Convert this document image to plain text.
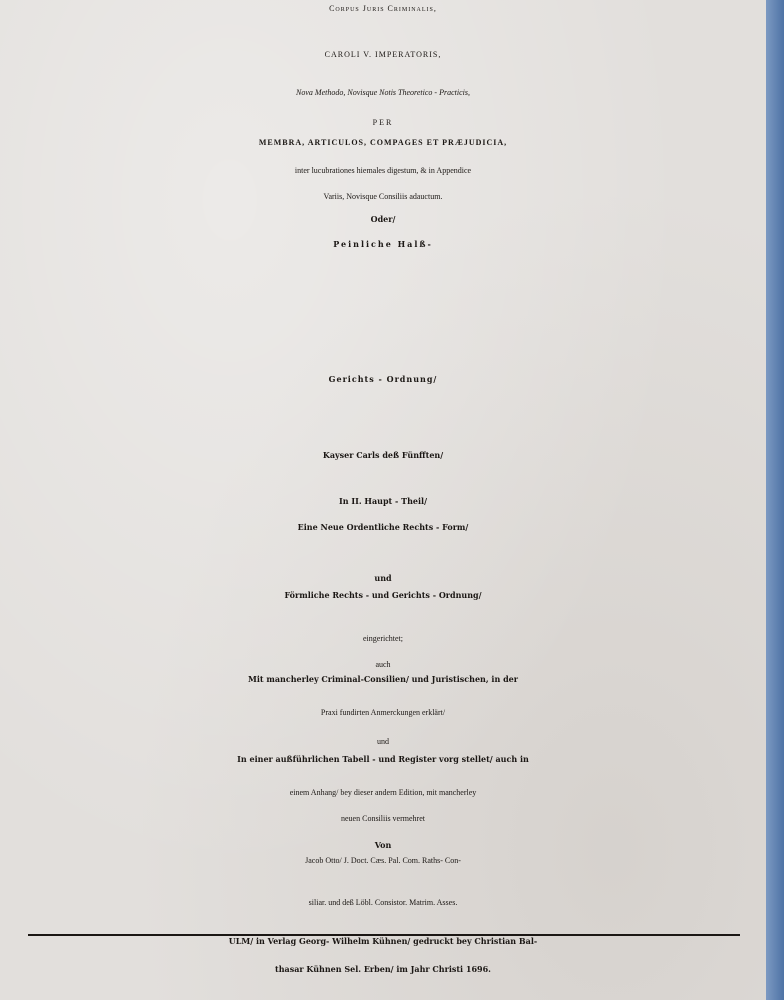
Corpus Juris Criminalis,
CAROLI V. IMPERATORIS,
Nova Methodo, Novisque Notis Theoretico - Practicis,
PER
MEMBRA, ARTICULOS, COMPAGES ET PRÆJUDICIA,
inter lucubrationes hiemales digestum, & in Appendice
Variis, Novisque Consiliis adauctum.
Oder/
Peinliche Halß-
Gerichts - Ordnung/
Kayser Carls deß Fünfften/
In II. Haupt - Theil/
Eine Neue Ordentliche Rechts - Form/
und
Förmliche Rechts - und Gerichts - Ordnung/
eingerichtet;
auch
Mit mancherley Criminal-Consilien/ und Juristischen, in der
Praxi fundirten Anmerckungen erklärt/
und
In einer außführlichen Tabell - und Register vorg stellet/ auch in
einem Anhang/ bey dieser andern Edition, mit mancherley
neuen Consiliis vermehret
Von
Jacob Otto/ J. Doct. Cæs. Pal. Com. Raths- Con-
siliar. und deß Löbl. Consistor. Matrim. Asses.
ULM/ in Verlag Georg- Wilhelm Kühnen/ gedruckt bey Christian Bal-
thasar Kühnen Sel. Erben/ im Jahr Christi 1696.
